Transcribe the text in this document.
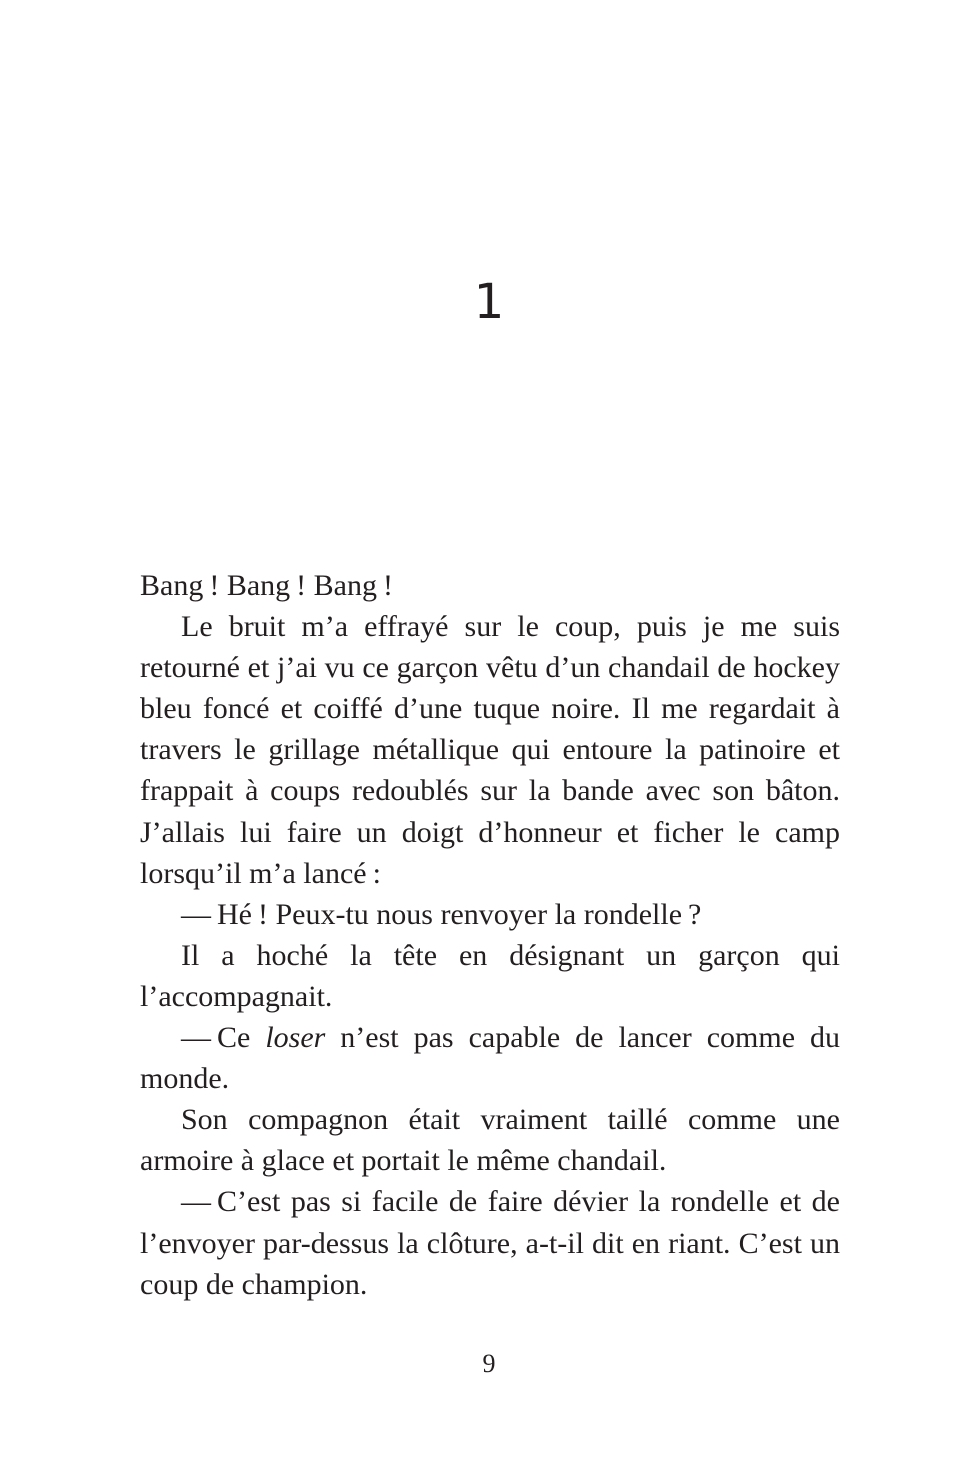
1

Bang ! Bang ! Bang !

Le bruit m’a effrayé sur le coup, puis je me suis retourné et j’ai vu ce garçon vêtu d’un chandail de hockey bleu foncé et coiffé d’une tuque noire. Il me regardait à travers le grillage métallique qui entoure la patinoire et frappait à coups redoublés sur la bande avec son bâton. J’allais lui faire un doigt d’honneur et ficher le camp lorsqu’il m’a lancé :

— Hé ! Peux-tu nous renvoyer la rondelle ?

Il a hoché la tête en désignant un garçon qui l’accompagnait.

— Ce loser n’est pas capable de lancer comme du monde.

Son compagnon était vraiment taillé comme une armoire à glace et portait le même chandail.

— C’est pas si facile de faire dévier la rondelle et de l’envoyer par-dessus la clôture, a-t-il dit en riant. C’est un coup de champion.

9
